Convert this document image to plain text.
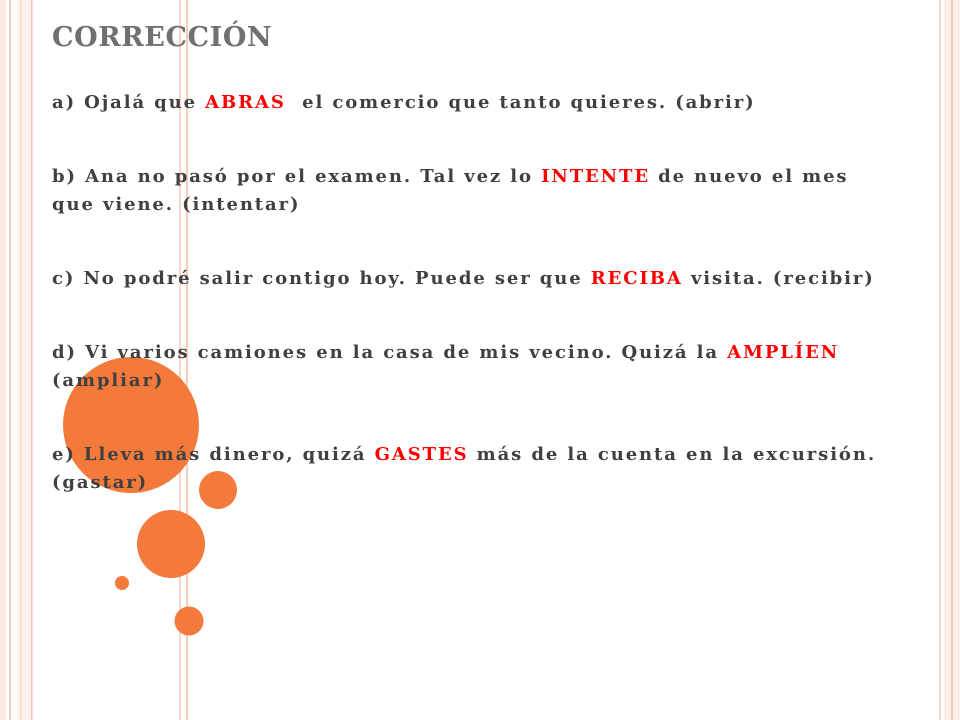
CORRECCIÓN
a) Ojalá que ABRAS  el comercio que tanto quieres. (abrir)
b) Ana no pasó por el examen. Tal vez lo INTENTE de nuevo el mes
que viene. (intentar)
c) No podré salir contigo hoy. Puede ser que RECIBA visita. (recibir)
d) Vi varios camiones en la casa de mis vecino. Quizá la AMPLÍEN
(ampliar)
e) Lleva más dinero, quizá GASTES más de la cuenta en la excursión.
(gastar)
